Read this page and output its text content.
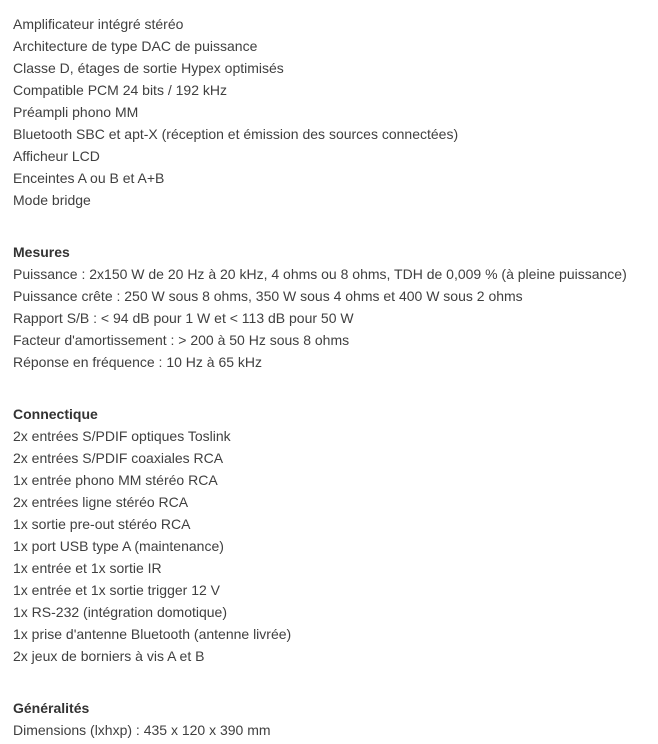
Amplificateur intégré stéréo
Architecture de type DAC de puissance
Classe D, étages de sortie Hypex optimisés
Compatible PCM 24 bits / 192 kHz
Préampli phono MM
Bluetooth SBC et apt-X (réception et émission des sources connectées)
Afficheur LCD
Enceintes A ou B et A+B
Mode bridge
Mesures
Puissance : 2x150 W de 20 Hz à 20 kHz, 4 ohms ou 8 ohms, TDH de 0,009 % (à pleine puissance)
Puissance crête : 250 W sous 8 ohms, 350 W sous 4 ohms et 400 W sous 2 ohms
Rapport S/B : < 94 dB pour 1 W et < 113 dB pour 50 W
Facteur d'amortissement : > 200 à 50 Hz sous 8 ohms
Réponse en fréquence : 10 Hz à 65 kHz
Connectique
2x entrées S/PDIF optiques Toslink
2x entrées S/PDIF coaxiales RCA
1x entrée phono MM stéréo RCA
2x entrées ligne stéréo RCA
1x sortie pre-out stéréo RCA
1x port USB type A (maintenance)
1x entrée et 1x sortie IR
1x entrée et 1x sortie trigger 12 V
1x RS-232 (intégration domotique)
1x prise d'antenne Bluetooth (antenne livrée)
2x jeux de borniers à vis A et B
Généralités
Dimensions (lxhxp) : 435 x 120 x 390 mm
